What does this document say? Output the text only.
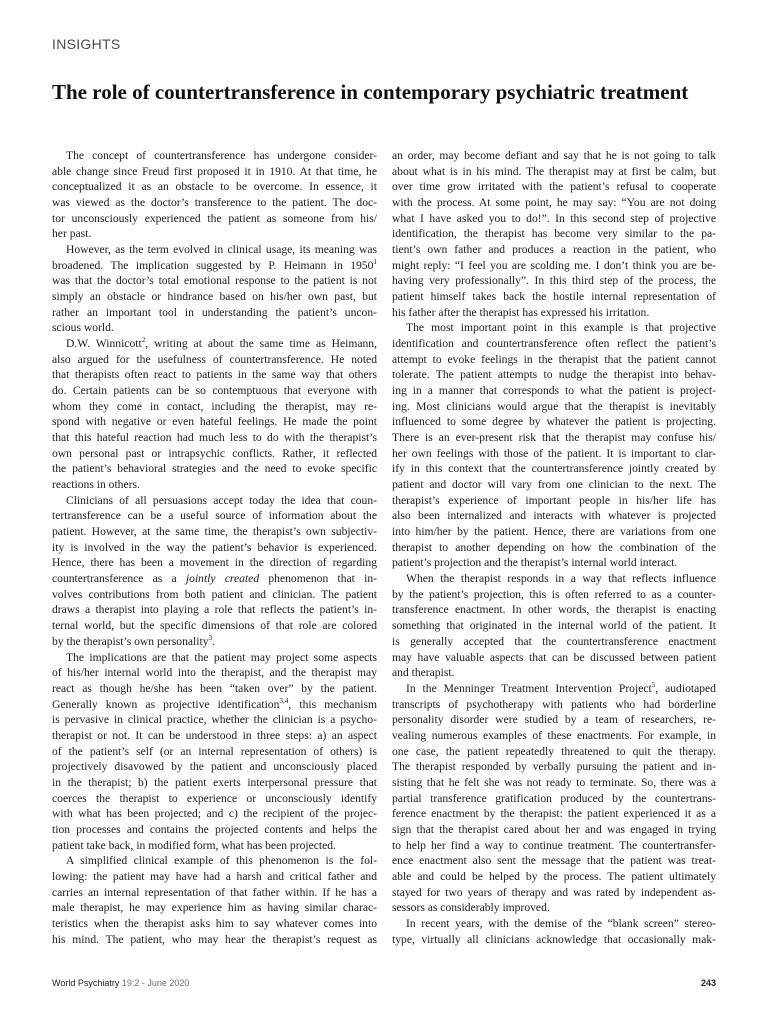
INSIGHTS
The role of countertransference in contemporary psychiatric treatment
The concept of countertransference has undergone consider-
able change since Freud first proposed it in 1910. At that time, he
conceptualized it as an obstacle to be overcome. In essence, it
was viewed as the doctor’s transference to the patient. The doc-
tor unconsciously experienced the patient as someone from his/
her past.
However, as the term evolved in clinical usage, its meaning was
broadened. The implication suggested by P. Heimann in 1950$^1$
was that the doctor’s total emotional response to the patient is not
simply an obstacle or hindrance based on his/her own past, but
rather an important tool in understanding the patient’s uncon-
scious world.
D.W. Winnicott$^2$, writing at about the same time as Heimann,
also argued for the usefulness of countertransference. He noted
that therapists often react to patients in the same way that others
do. Certain patients can be so contemptuous that everyone with
whom they come in contact, including the therapist, may re-
spond with negative or even hateful feelings. He made the point
that this hateful reaction had much less to do with the therapist’s
own personal past or intrapsychic conflicts. Rather, it reflected
the patient’s behavioral strategies and the need to evoke specific
reactions in others.
Clinicians of all persuasions accept today the idea that coun-
tertransference can be a useful source of information about the
patient. However, at the same time, the therapist’s own subjectiv-
ity is involved in the way the patient’s behavior is experienced.
Hence, there has been a movement in the direction of regarding
countertransference as a jointly created phenomenon that in-
volves contributions from both patient and clinician. The patient
draws a therapist into playing a role that reflects the patient’s in-
ternal world, but the specific dimensions of that role are colored
by the therapist’s own personality$^3$.
The implications are that the patient may project some aspects
of his/her internal world into the therapist, and the therapist may
react as though he/she has been “taken over” by the patient.
Generally known as projective identification$^{3,4}$, this mechanism
is pervasive in clinical practice, whether the clinician is a psycho-
therapist or not. It can be understood in three steps: a) an aspect
of the patient’s self (or an internal representation of others) is
projectively disavowed by the patient and unconsciously placed
in the therapist; b) the patient exerts interpersonal pressure that
coerces the therapist to experience or unconsciously identify
with what has been projected; and c) the recipient of the projec-
tion processes and contains the projected contents and helps the
patient take back, in modified form, what has been projected.
A simplified clinical example of this phenomenon is the fol-
lowing: the patient may have had a harsh and critical father and
carries an internal representation of that father within. If he has a
male therapist, he may experience him as having similar charac-
teristics when the therapist asks him to say whatever comes into
his mind. The patient, who may hear the therapist’s request as
an order, may become defiant and say that he is not going to talk
about what is in his mind. The therapist may at first be calm, but
over time grow irritated with the patient’s refusal to cooperate
with the process. At some point, he may say: “You are not doing
what I have asked you to do!”. In this second step of projective
identification, the therapist has become very similar to the pa-
tient’s own father and produces a reaction in the patient, who
might reply: “I feel you are scolding me. I don’t think you are be-
having very professionally”. In this third step of the process, the
patient himself takes back the hostile internal representation of
his father after the therapist has expressed his irritation.
The most important point in this example is that projective
identification and countertransference often reflect the patient’s
attempt to evoke feelings in the therapist that the patient cannot
tolerate. The patient attempts to nudge the therapist into behav-
ing in a manner that corresponds to what the patient is project-
ing. Most clinicians would argue that the therapist is inevitably
influenced to some degree by whatever the patient is projecting.
There is an ever-present risk that the therapist may confuse his/
her own feelings with those of the patient. It is important to clar-
ify in this context that the countertransference jointly created by
patient and doctor will vary from one clinician to the next. The
therapist’s experience of important people in his/her life has
also been internalized and interacts with whatever is projected
into him/her by the patient. Hence, there are variations from one
therapist to another depending on how the combination of the
patient’s projection and the therapist’s internal world interact.
When the therapist responds in a way that reflects influence
by the patient’s projection, this is often referred to as a counter-
transference enactment. In other words, the therapist is enacting
something that originated in the internal world of the patient. It
is generally accepted that the countertransference enactment
may have valuable aspects that can be discussed between patient
and therapist.
In the Menninger Treatment Intervention Project$^5$, audiotaped
transcripts of psychotherapy with patients who had borderline
personality disorder were studied by a team of researchers, re-
vealing numerous examples of these enactments. For example, in
one case, the patient repeatedly threatened to quit the therapy.
The therapist responded by verbally pursuing the patient and in-
sisting that he felt she was not ready to terminate. So, there was a
partial transference gratification produced by the countertrans-
ference enactment by the therapist: the patient experienced it as a
sign that the therapist cared about her and was engaged in trying
to help her find a way to continue treatment. The countertransfer-
ence enactment also sent the message that the patient was treat-
able and could be helped by the process. The patient ultimately
stayed for two years of therapy and was rated by independent as-
sessors as considerably improved.
In recent years, with the demise of the “blank screen” stereo-
type, virtually all clinicians acknowledge that occasionally mak-
World Psychiatry 19:2 - June 2020	243
